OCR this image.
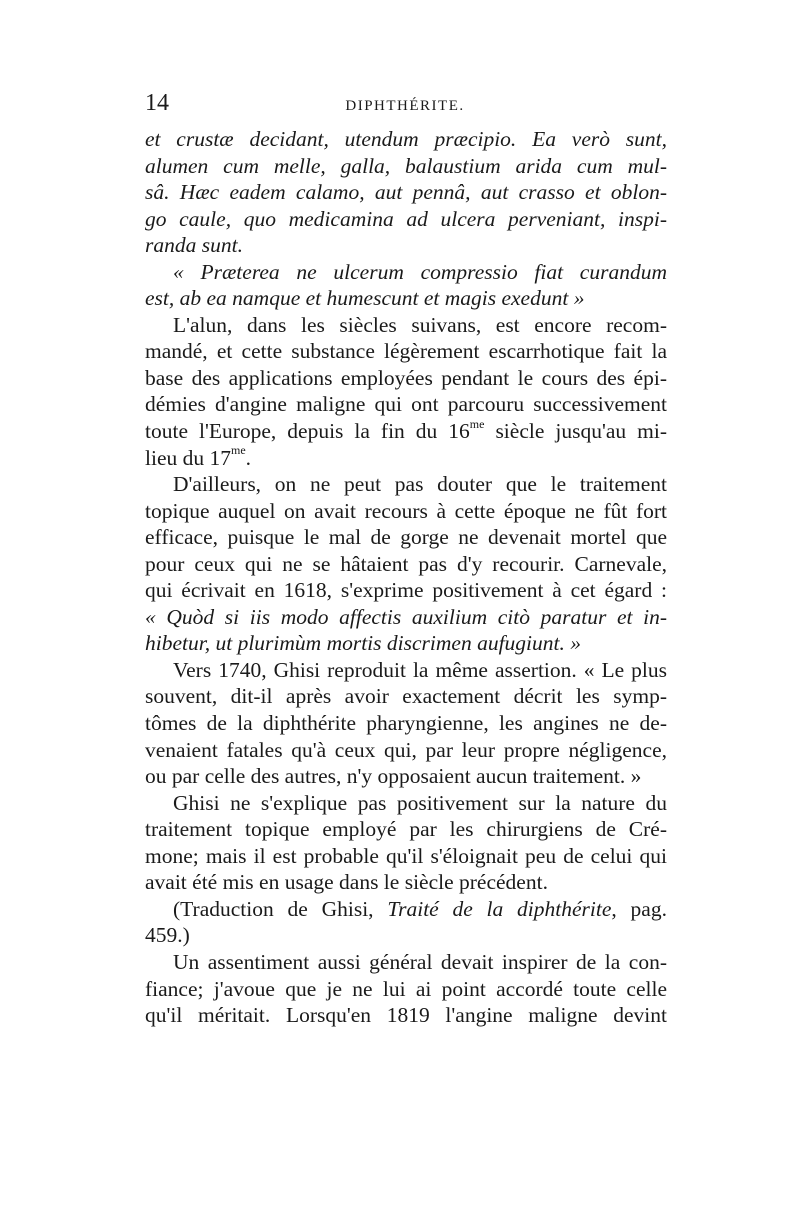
14	DIPHTHÉRITE.
et crustæ decidant, utendum præcipio. Ea verò sunt,
alumen cum melle, galla, balaustium arida cum mul-
sâ. Hæc eadem calamo, aut pennâ, aut crasso et oblon-
go caule, quo medicamina ad ulcera perveniant, inspi-
randa sunt.
« Præterea ne ulcerum compressio fiat curandum
est, ab ea namque et humescunt et magis exedunt »
L'alun, dans les siècles suivans, est encore recom-
mandé, et cette substance légèrement escarrhotique fait la
base des applications employées pendant le cours des épi-
démies d'angine maligne qui ont parcouru successivement
toute l'Europe, depuis la fin du $16^{me}$ siècle jusqu'au mi-
lieu du $17^{me}$.
D'ailleurs, on ne peut pas douter que le traitement
topique auquel on avait recours à cette époque ne fût fort
efficace, puisque le mal de gorge ne devenait mortel que
pour ceux qui ne se hâtaient pas d'y recourir. Carnevale,
qui écrivait en 1618, s'exprime positivement à cet égard :
« Quòd si iis modo affectis auxilium citò paratur et in-
hibetur, ut plurimùm mortis discrimen aufugiunt. »
Vers 1740, Ghisi reproduit la même assertion. « Le plus
souvent, dit-il après avoir exactement décrit les symp-
tômes de la diphthérite pharyngienne, les angines ne de-
venaient fatales qu'à ceux qui, par leur propre négligence,
ou par celle des autres, n'y opposaient aucun traitement. »
Ghisi ne s'explique pas positivement sur la nature du
traitement topique employé par les chirurgiens de Cré-
mone; mais il est probable qu'il s'éloignait peu de celui qui
avait été mis en usage dans le siècle précédent.
(Traduction de Ghisi, Traité de la diphthérite, pag.
459.)
Un assentiment aussi général devait inspirer de la con-
fiance; j'avoue que je ne lui ai point accordé toute celle
qu'il méritait. Lorsqu'en 1819 l'angine maligne devint
